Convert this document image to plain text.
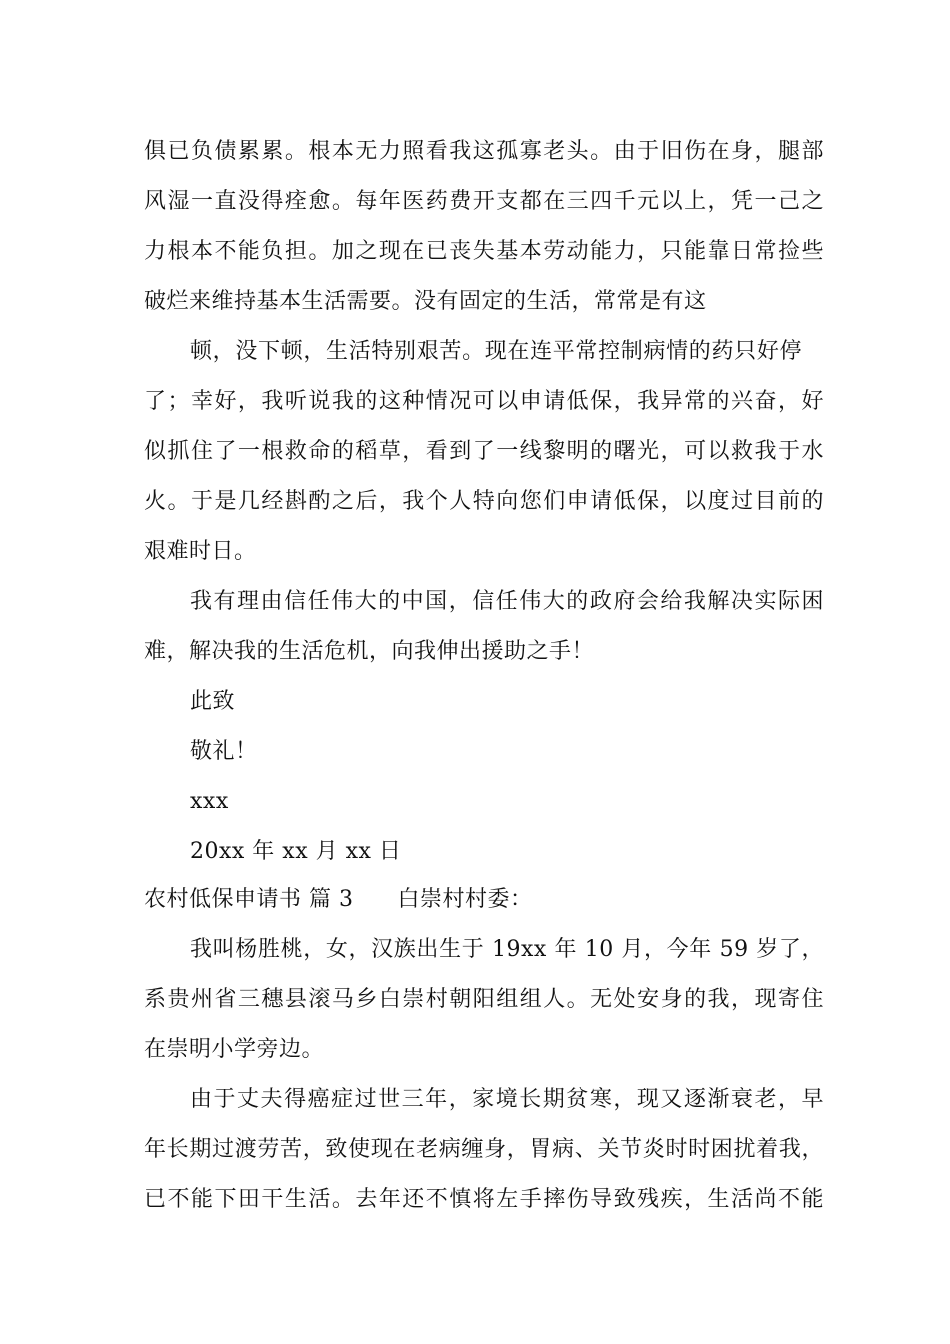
俱已负债累累。根本无力照看我这孤寡老头。由于旧伤在身，腿部
风湿一直没得痊愈。每年医药费开支都在三四千元以上，凭一己之
力根本不能负担。加之现在已丧失基本劳动能力，只能靠日常捡些
破烂来维持基本生活需要。没有固定的生活，常常是有这
顿，没下顿，生活特别艰苦。现在连平常控制病情的药只好停
了；幸好，我听说我的这种情况可以申请低保，我异常的兴奋，好
似抓住了一根救命的稻草，看到了一线黎明的曙光，可以救我于水
火。于是几经斟酌之后，我个人特向您们申请低保，以度过目前的
艰难时日。
我有理由信任伟大的中国，信任伟大的政府会给我解决实际困
难，解决我的生活危机，向我伸出援助之手！
此致
敬礼！
xxx
20xx 年 xx 月 xx 日
农村低保申请书 篇 3 白崇村村委：
我叫杨胜桃，女，汉族出生于 19xx 年 10 月，今年 59 岁了，
系贵州省三穗县滚马乡白崇村朝阳组组人。无处安身的我，现寄住
在崇明小学旁边。
由于丈夫得癌症过世三年，家境长期贫寒，现又逐渐衰老，早
年长期过渡劳苦，致使现在老病缠身，胃病、关节炎时时困扰着我，
已不能下田干生活。去年还不慎将左手摔伤导致残疾，生活尚不能
